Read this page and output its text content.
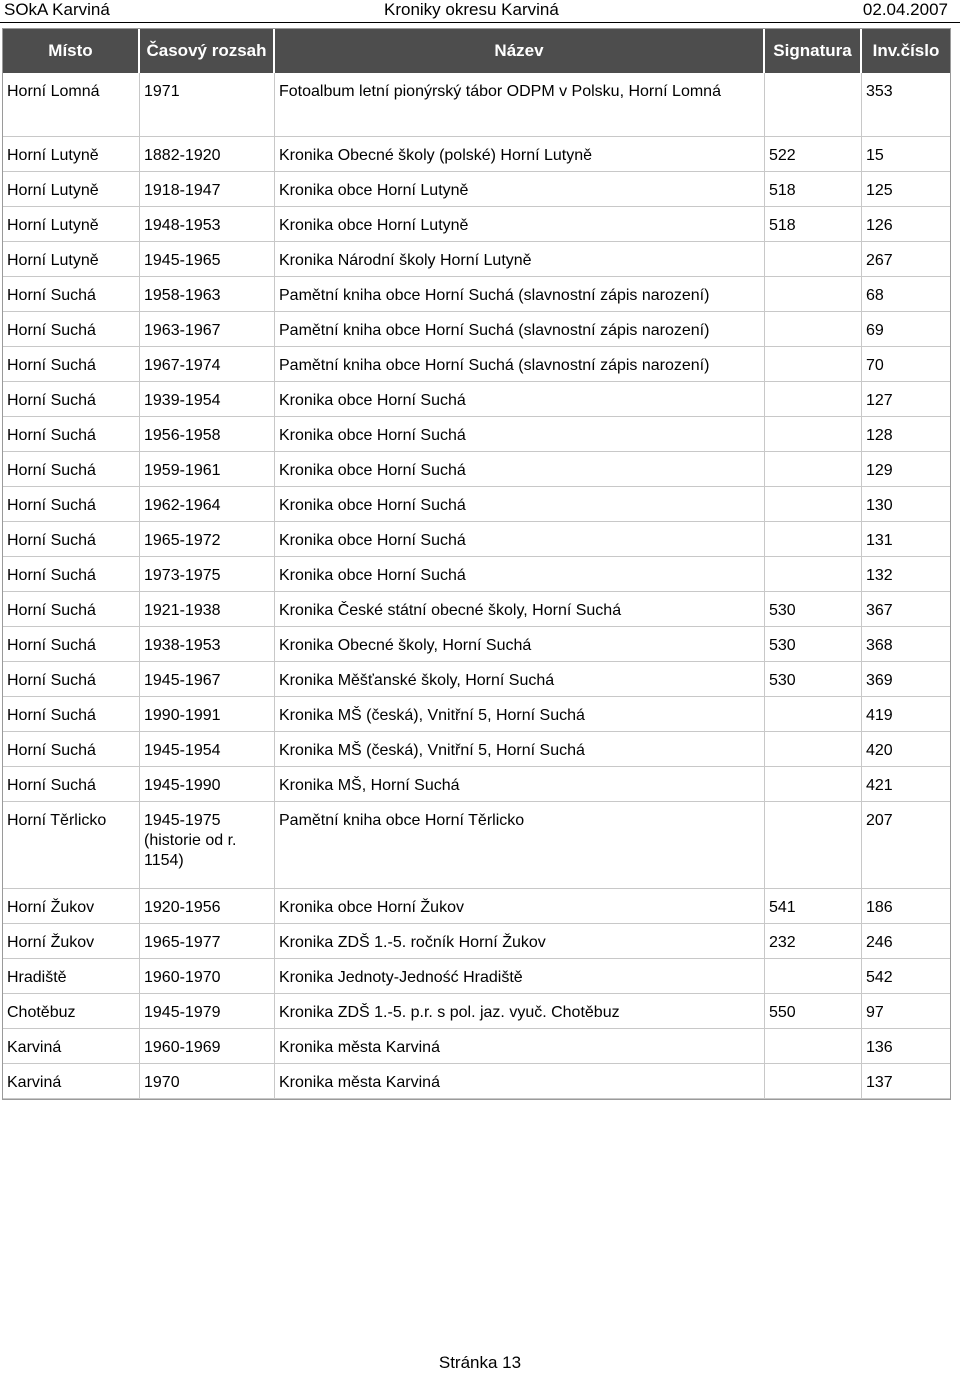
SOkA Karviná	Kroniky okresu Karviná	02.04.2007
Místo	Časový rozsah	Název	Signatura	Inv.číslo
Horní Lomná	1971	Fotoalbum letní pionýrský tábor ODPM v Polsku, Horní Lomná		353
Horní Lutyně	1882-1920	Kronika Obecné školy (polské) Horní Lutyně	522	15
Horní Lutyně	1918-1947	Kronika obce Horní Lutyně	518	125
Horní Lutyně	1948-1953	Kronika obce Horní Lutyně	518	126
Horní Lutyně	1945-1965	Kronika Národní školy Horní Lutyně		267
Horní Suchá	1958-1963	Pamětní kniha obce Horní Suchá (slavnostní zápis narození)		68
Horní Suchá	1963-1967	Pamětní kniha obce Horní Suchá (slavnostní zápis narození)		69
Horní Suchá	1967-1974	Pamětní kniha obce Horní Suchá (slavnostní zápis narození)		70
Horní Suchá	1939-1954	Kronika obce Horní Suchá		127
Horní Suchá	1956-1958	Kronika obce Horní Suchá		128
Horní Suchá	1959-1961	Kronika obce Horní Suchá		129
Horní Suchá	1962-1964	Kronika obce Horní Suchá		130
Horní Suchá	1965-1972	Kronika obce Horní Suchá		131
Horní Suchá	1973-1975	Kronika obce Horní Suchá		132
Horní Suchá	1921-1938	Kronika České státní obecné školy, Horní Suchá	530	367
Horní Suchá	1938-1953	Kronika Obecné školy, Horní Suchá	530	368
Horní Suchá	1945-1967	Kronika Měšťanské školy, Horní Suchá	530	369
Horní Suchá	1990-1991	Kronika MŠ (česká), Vnitřní 5, Horní Suchá		419
Horní Suchá	1945-1954	Kronika MŠ (česká), Vnitřní 5, Horní Suchá		420
Horní Suchá	1945-1990	Kronika MŠ, Horní Suchá		421
Horní Těrlicko	1945-1975 (historie od r. 1154)	Pamětní kniha obce Horní Těrlicko		207
Horní Žukov	1920-1956	Kronika obce Horní Žukov	541	186
Horní Žukov	1965-1977	Kronika ZDŠ 1.-5. ročník Horní Žukov	232	246
Hradiště	1960-1970	Kronika Jednoty-Jedność Hradiště		542
Chotěbuz	1945-1979	Kronika ZDŠ 1.-5. p.r. s pol. jaz. vyuč. Chotěbuz	550	97
Karviná	1960-1969	Kronika města Karviná		136
Karviná	1970	Kronika města Karviná		137
Stránka 13
